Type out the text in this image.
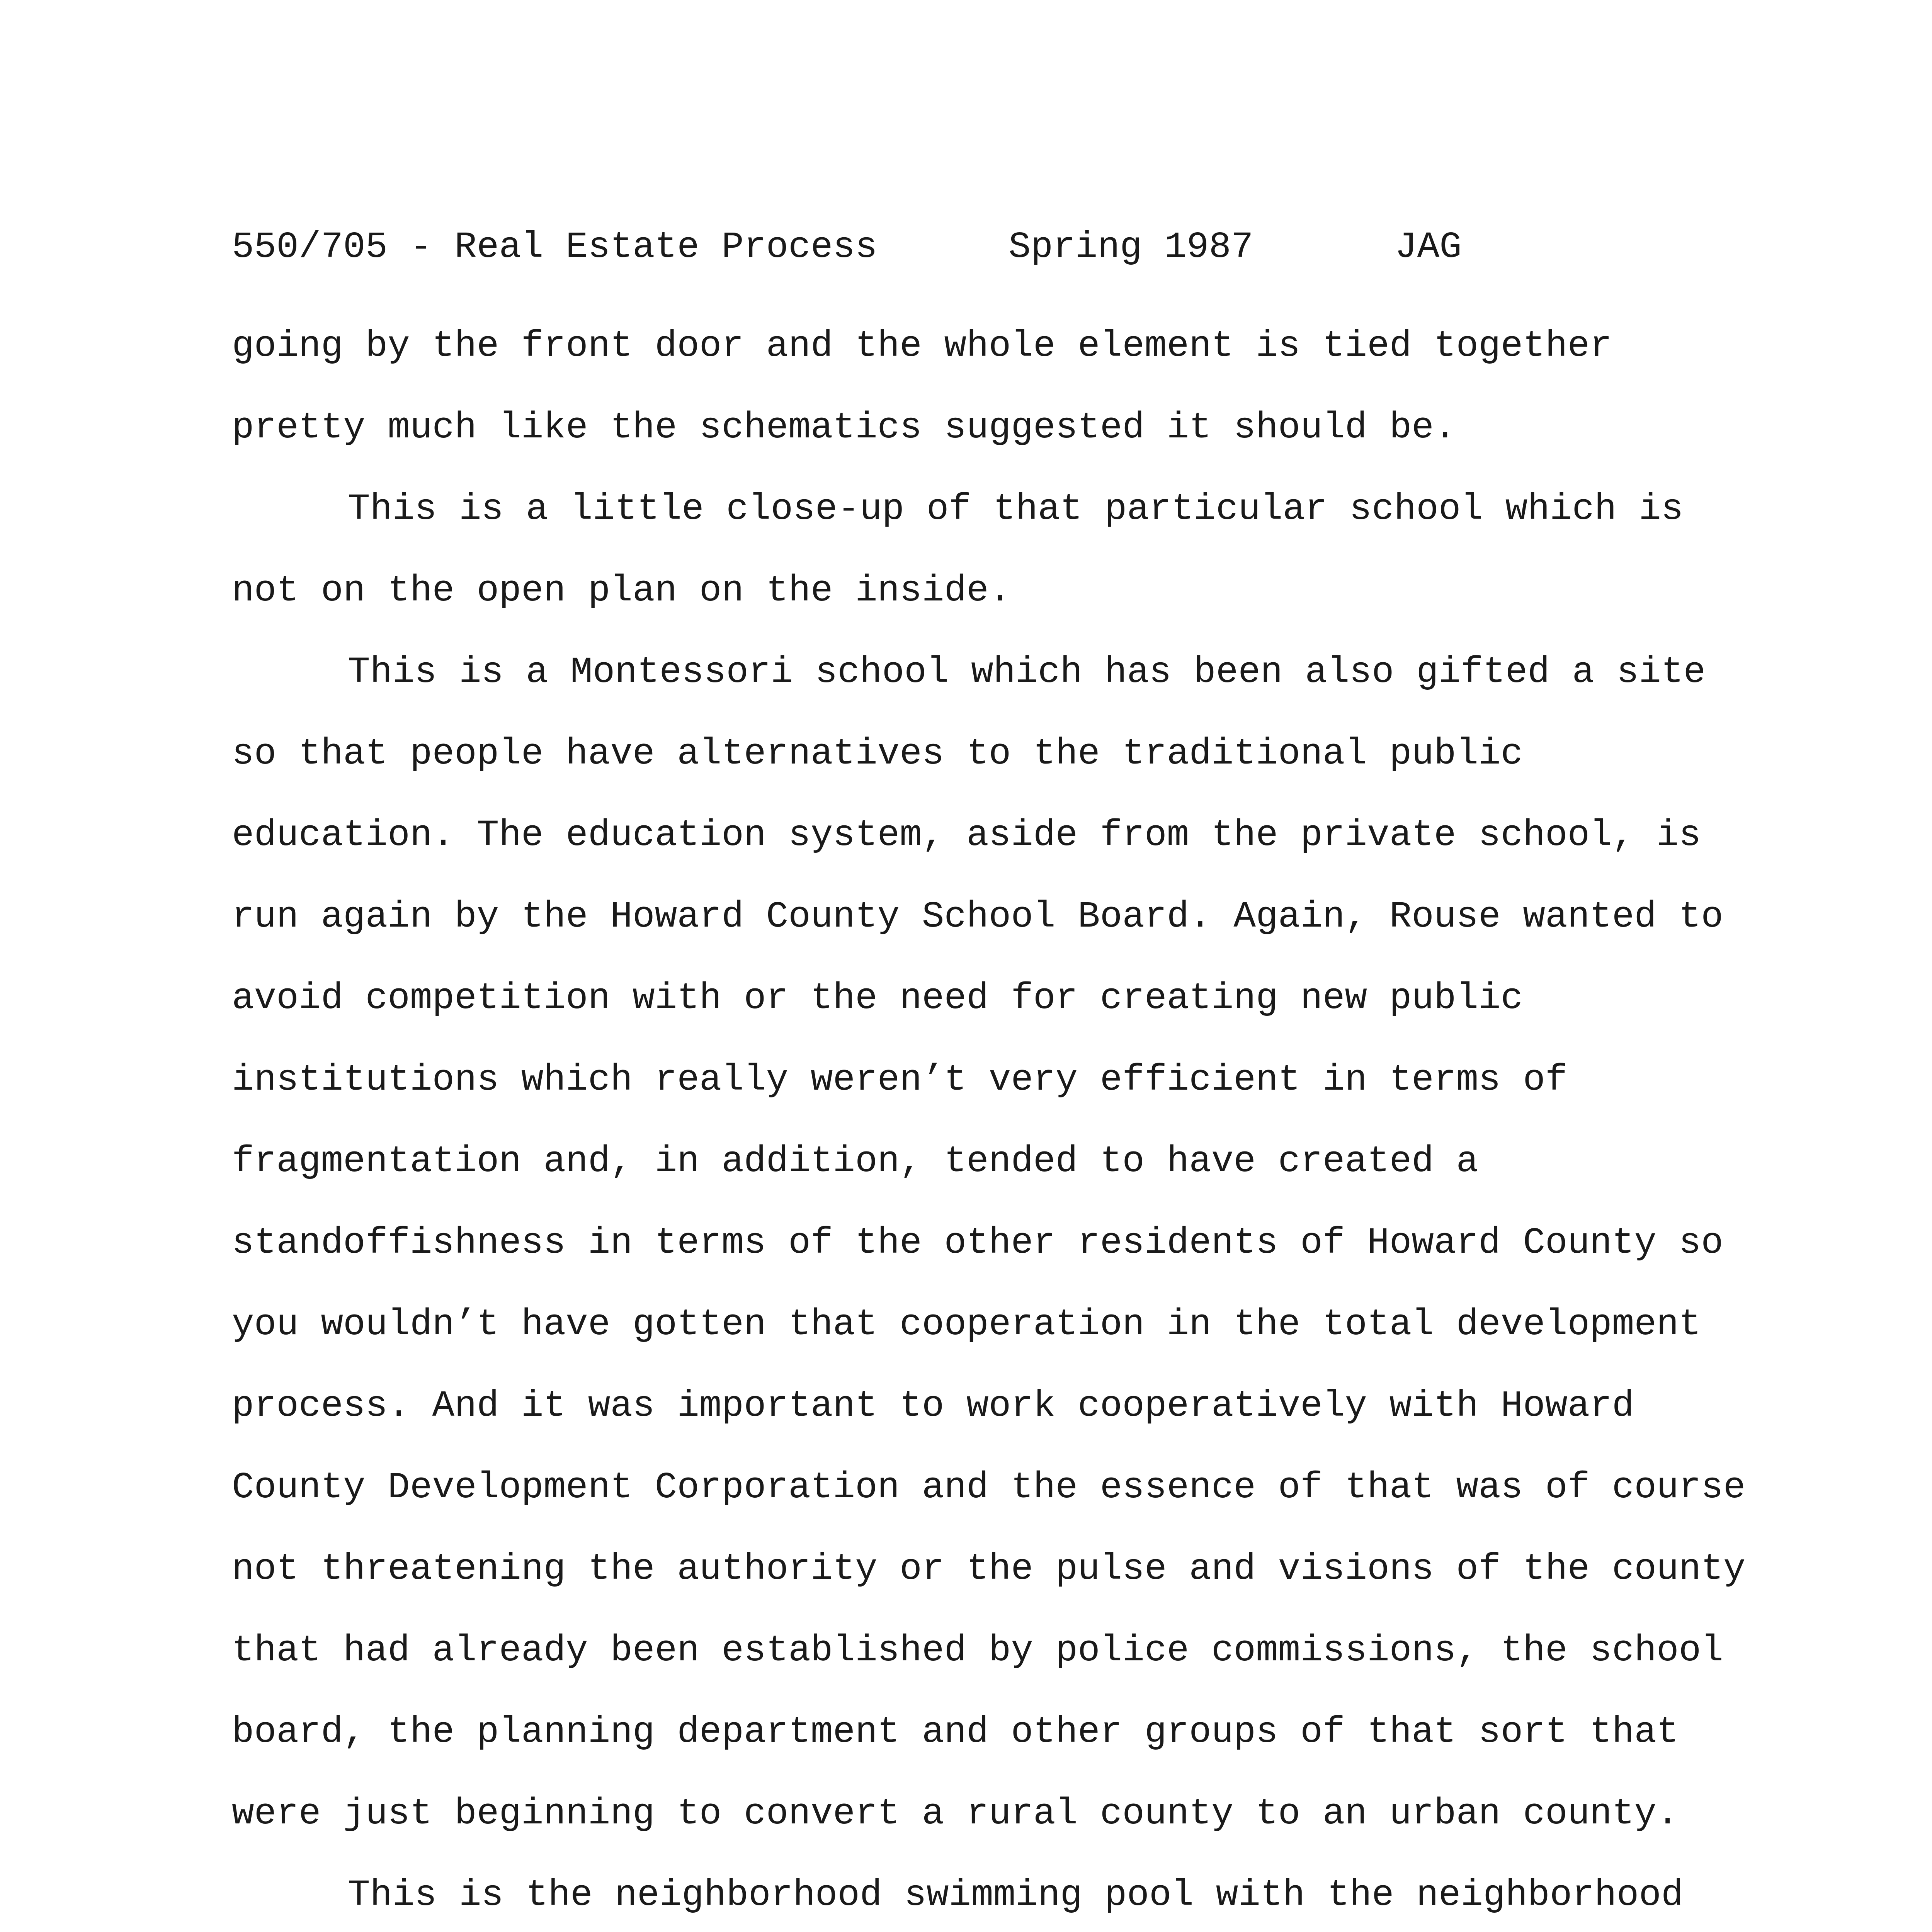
550/705 - Real Estate Process	Spring 1987	JAG

going by the front door and the whole element is tied together pretty much like the schematics suggested it should be.

This is a little close-up of that particular school which is not on the open plan on the inside.

This is a Montessori school which has been also gifted a site so that people have alternatives to the traditional public education. The education system, aside from the private school, is run again by the Howard County School Board. Again, Rouse wanted to avoid competition with or the need for creating new public institutions which really weren’t very efficient in terms of fragmentation and, in addition, tended to have created a standoffishness in terms of the other residents of Howard County so you wouldn’t have gotten that cooperation in the total development process. And it was important to work cooperatively with Howard County Development Corporation and the essence of that was of course not threatening the authority or the pulse and visions of the county that had already been established by police commissions, the school board, the planning department and other groups of that sort that were just beginning to convert a rural county to an urban county.

This is the neighborhood swimming pool with the neighborhood
